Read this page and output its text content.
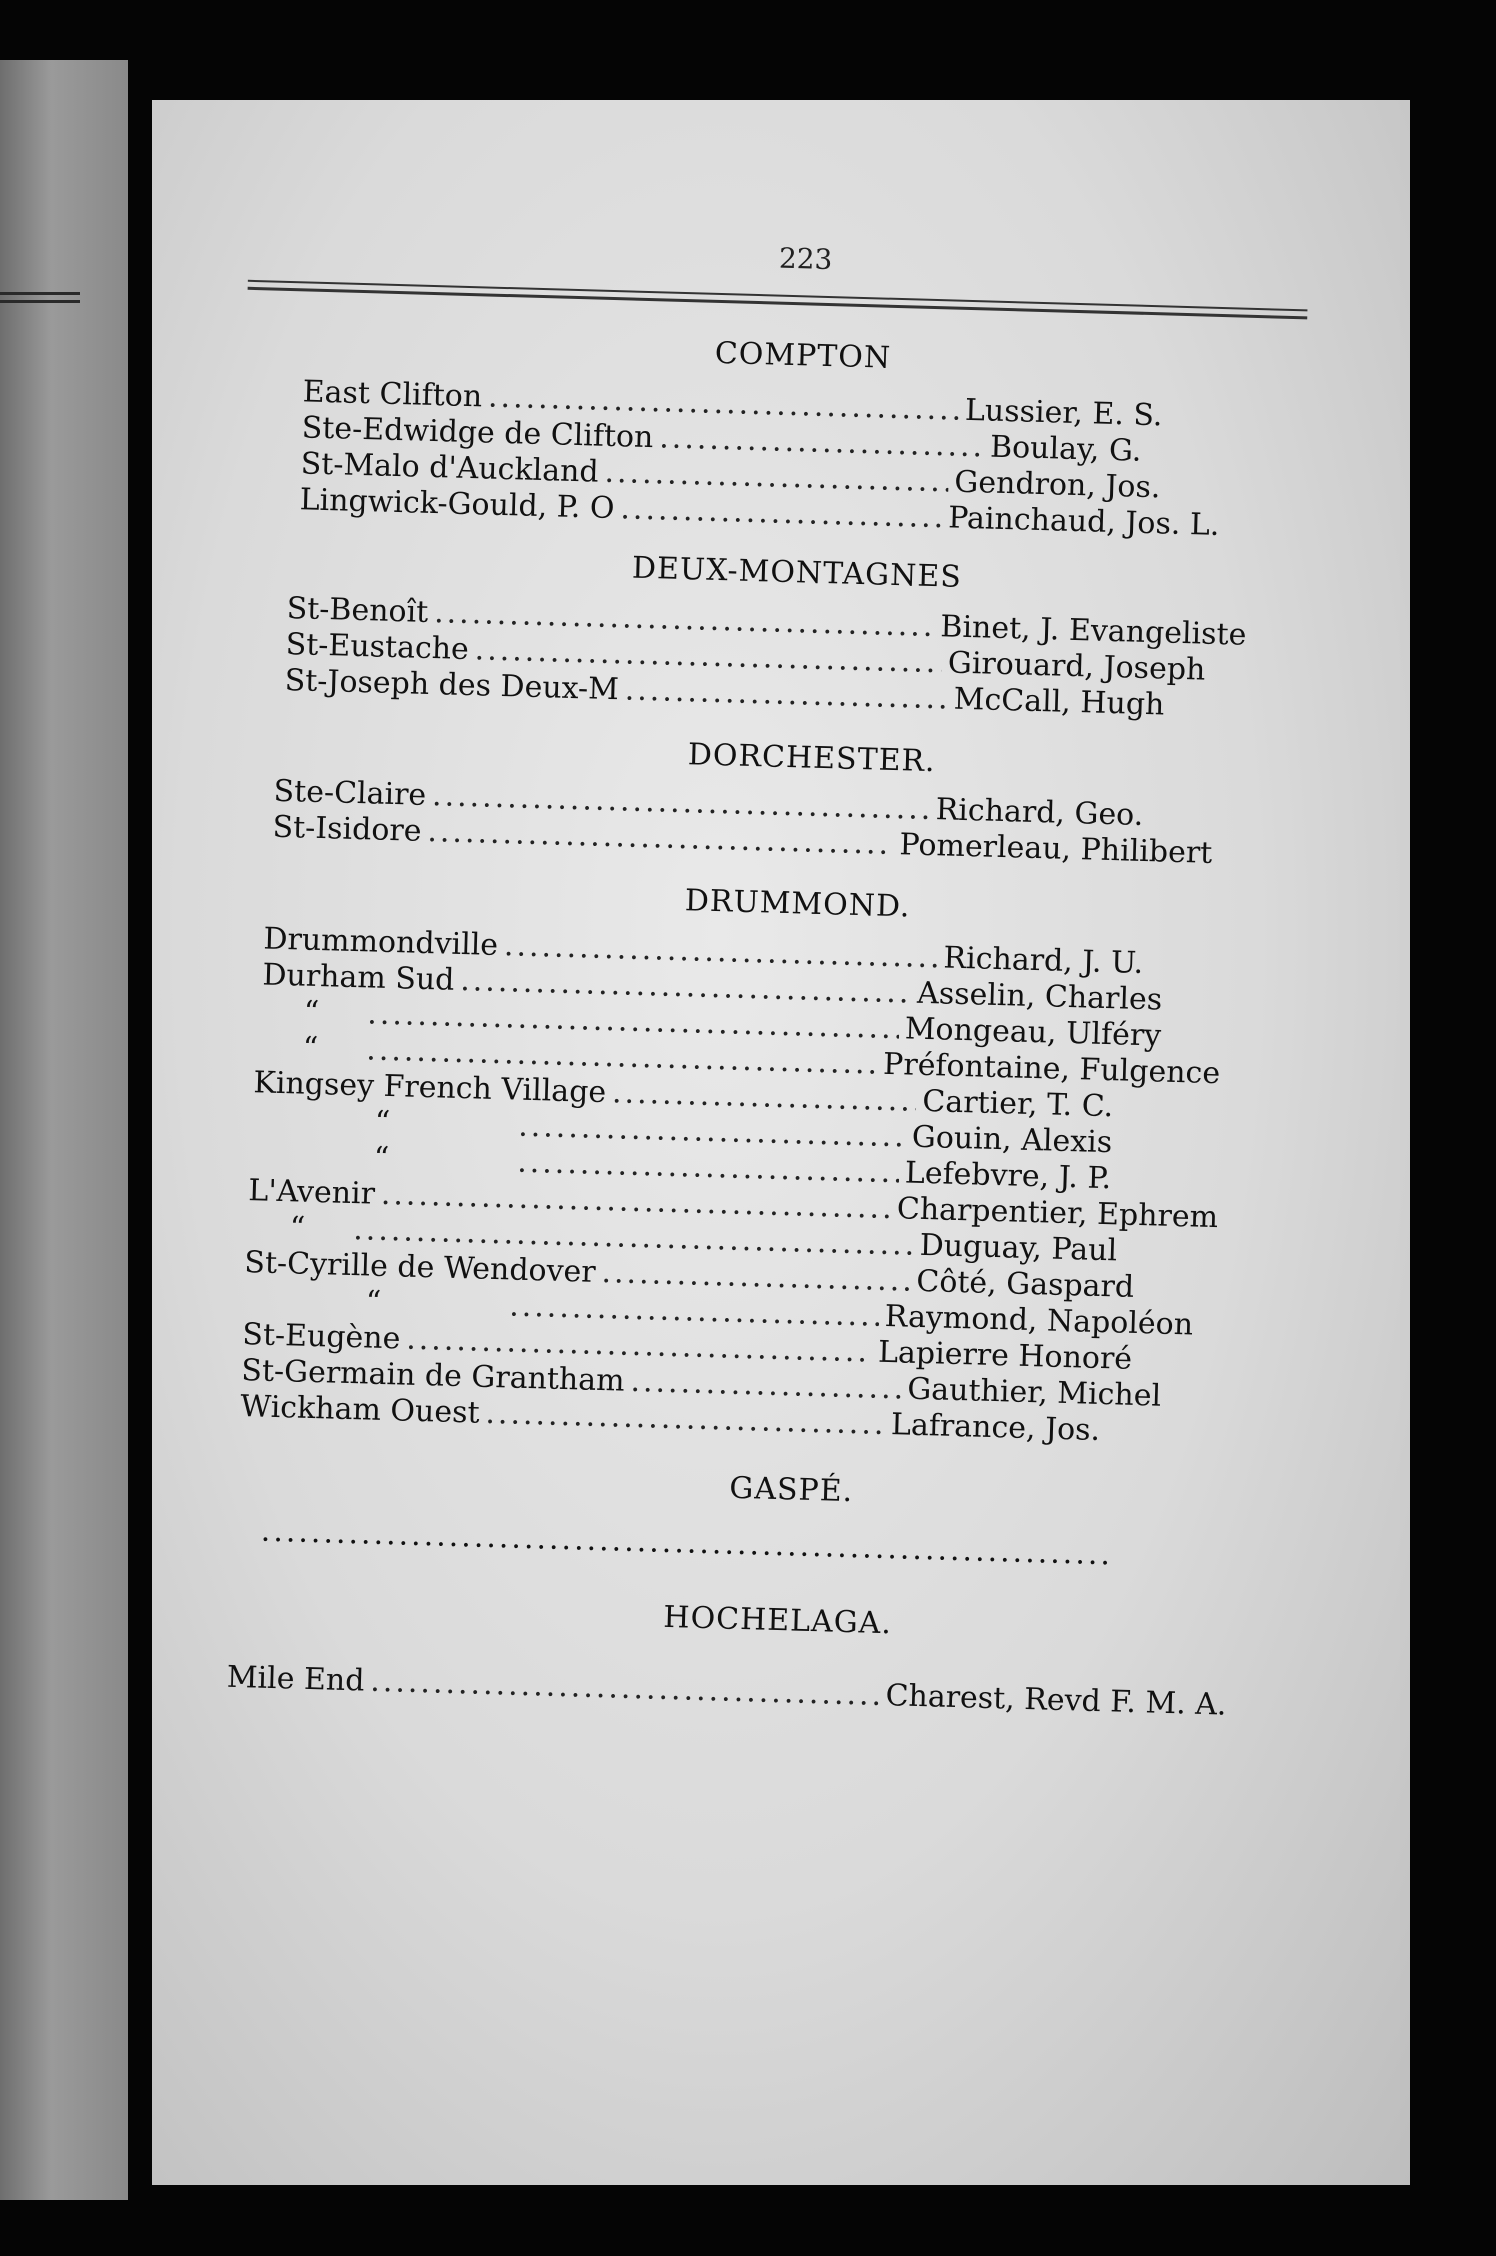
223
COMPTON
East Clifton .....	Lussier, E. S.
Ste-Edwidge de Clifton .....	Boulay, G.
St-Malo d'Auckland .....	Gendron, Jos.
Lingwick-Gould, P. O .....	Painchaud, Jos. L.
DEUX-MONTAGNES
St-Benoît .....	Binet, J. Evangeliste
St-Eustache .....	Girouard, Joseph
St-Joseph des Deux-M .....	McCall, Hugh
DORCHESTER.
Ste-Claire .....	Richard, Geo.
St-Isidore .....	Pomerleau, Philibert
DRUMMOND.
Drummondville .....	Richard, J. U.
Durham Sud .....	Asselin, Charles
“ .....	Mongeau, Ulféry
“ .....	Préfontaine, Fulgence
Kingsey French Village .....	Cartier, T. C.
“ .....	Gouin, Alexis
“ .....	Lefebvre, J. P.
L'Avenir .....	Charpentier, Ephrem
“ .....	Duguay, Paul
St-Cyrille de Wendover .....	Côté, Gaspard
“ .....	Raymond, Napoléon
St-Eugène .....	Lapierre Honoré
St-Germain de Grantham .....	Gauthier, Michel
Wickham Ouest .....	Lafrance, Jos.
GASPÉ.
.....
HOCHELAGA.
Mile End .....	Charest, Revd F. M. A.
